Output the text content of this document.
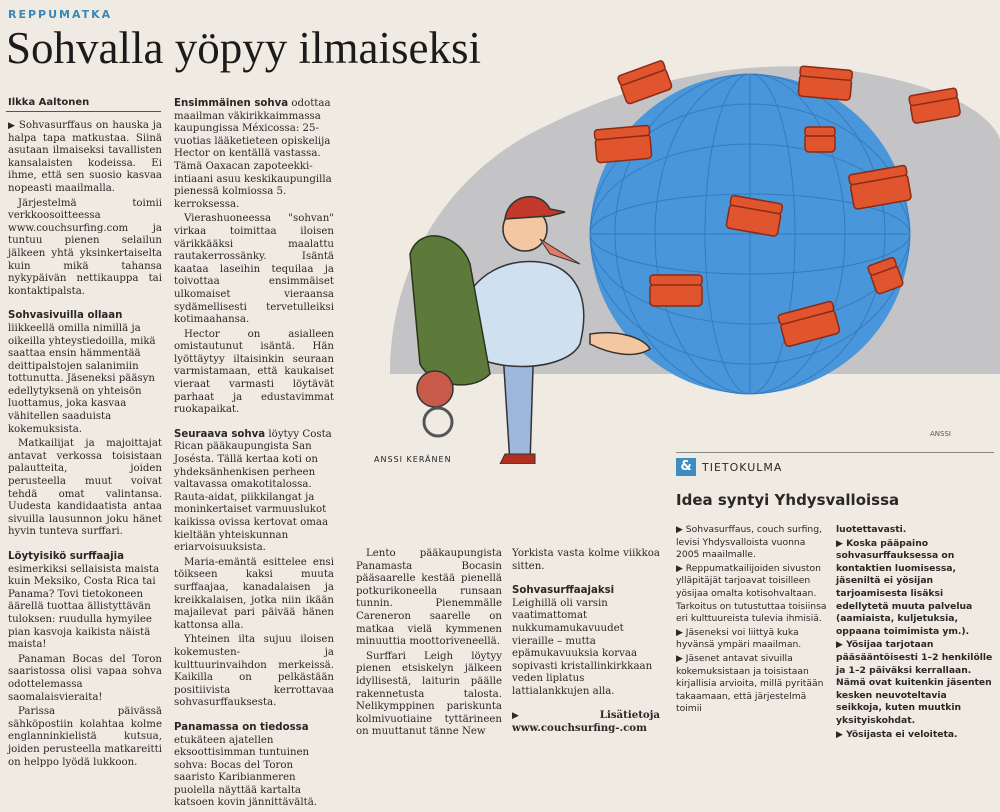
REPPUMATKA
Sohvalla yöpyy ilmaiseksi
Ilkka Aaltonen

▶ Sohvasurffaus on hauska ja halpa tapa matkustaa. Siinä asutaan ilmaiseksi tavallisten kansalaisten kodeissa. Ei ihme, että sen suosio kasvaa nopeasti maailmalla.

Järjestelmä toimii verkkoosoitteessa www.couchsurfing.com ja tuntuu pienen selailun jälkeen yhtä yksinkertaiselta kuin mikä tahansa nykypäivän nettikauppa tai kontaktipalsta.

Sohvasivuilla ollaan liikkeellä omilla nimillä ja oikeilla yhteystiedoilla, mikä saattaa ensin hämmentää deittipalstojen salanimiin tottunutta. Jäseneksi pääsyn edellytyksenä on yhteisön luottamus, joka kasvaa vähitellen saaduista kokemuksista.

Matkailijat ja majoittajat antavat verkossa toisistaan palautteita, joiden perusteella muut voivat tehdä omat valintansa. Uudesta kandidaatista antaa sivuilla lausunnon joku hänet hyvin tunteva surffari.

Löytyisikö surffaajia esimerkiksi sellaisista maista kuin Meksiko, Costa Rica tai Panama? Tovi tietokoneen äärellä tuottaa ällistyttävän tuloksen: ruudulla hymyilee pian kasvoja kaikista näistä maista!

Panaman Bocas del Toron saaristossa olisi vapaa sohva odottelemassa saomalaisvieraita!

Parissa päivässä sähköpostiin kolahtaa kolme englanninkielistä kutsua, joiden perusteella matkareitti on helppo lyödä lukkoon.

Ensimmäinen sohva odottaa maailman väkirikkaimmassa kaupungissa Méxicossa: 25-vuotias lääketieteen opiskelija Hector on kentällä vastassa. Tämä Oaxacan zapoteekki-intiaani asuu keskikaupungilla pienessä kolmiossa 5. kerroksessa.

Vierashuoneessa "sohvan" virkaa toimittaa iloisen värikkääksi maalattu rautakerrossänky. Isäntä kaataa laseihin tequilaa ja toivottaa ensimmäiset ulkomaiset vieraansa sydämellisesti tervetulleiksi kotimaahansa.

Hector on asialleen omistautunut isäntä. Hän lyöttäytyy iltaisinkin seuraan varmistamaan, että kaukaiset vieraat varmasti löytävät parhaat ja edustavimmat ruokapaikat.

Seuraava sohva löytyy Costa Rican pääkaupungista San Josésta. Tällä kertaa koti on yhdeksänhenkisen perheen valtavassa omakotitalossa. Rauta-aidat, piikkilangat ja moninkertaiset varmuuslukot kaikissa ovissa kertovat omaa kieltään yhteiskunnan eriarvoisuuksista.

Maria-emäntä esittelee ensi töikseen kaksi muuta surffaajaa, kanadalaisen ja kreikkalaisen, jotka niin ikään majailevat pari päivää hänen kattonsa alla.

Yhteinen ilta sujuu iloisen kokemusten- ja kulttuurinvaihdon merkeissä. Kaikilla on pelkästään positiivista kerrottavaa sohvasurffauksesta.

Panamassa on tiedossa etukäteen ajatellen eksoottisimman tuntuinen sohva: Bocas del Toron saaristo Karibianmeren puolella näyttää kartalta katsoen kovin jännittävältä.

ANSSI
ANSSI KERÄNEN

Lento pääkaupungista Panamasta Bocasin pääsaarelle kestää pienellä potkurikoneella runsaan tunnin. Pienemmälle Careneron saarelle on matkaa vielä kymmenen minuuttia moottoriveneellä.

Surffari Leigh löytyy pienen etsiskelyn jälkeen idyllisestä, laiturin päälle rakennetusta talosta. Nelikymppinen pariskunta kolmivuotiaine tyttärineen on muuttanut tänne New

Yorkista vasta kolme viikkoa sitten.

Sohvasurffaajaksi Leighillä oli varsin vaatimattomat nukkumamukavuudet vieraille – mutta epämukavuuksia korvaa sopivasti kristallinkirkkaan veden liplatus lattialankkujen alla.

▶ Lisätietoja www.couchsurfing-.com

& TIETOKULMA
Idea syntyi Yhdysvalloissa

▶ Sohvasurffaus, couch surfing, levisi Yhdysvalloista vuonna 2005 maailmalle.

▶ Reppumatkailijoiden sivuston ylläpitäjät tarjoavat toisilleen yösijaa omalta kotisohvaltaan. Tarkoitus on tutustuttaa toisiinsa eri kulttuureista tulevia ihmisiä.

▶ Jäseneksi voi liittyä kuka hyvänsä ympäri maailman.

▶ Jäsenet antavat sivuilla kokemuksistaan ja toisistaan kirjallisia arvioita, millä pyritään takaamaan, että järjestelmä toimii

luotettavasti.

▶ Koska pääpaino sohvasurffauksessa on kontaktien luomisessa, jäseniltä ei yösijan tarjoamisesta lisäksi edellytetä muuta palvelua (aamiaista, kuljetuksia, oppaana toimimista ym.).

▶ Yösijaa tarjotaan pääsääntöisesti 1–2 henkilölle ja 1–2 päiväksi kerrallaan. Nämä ovat kuitenkin jäsenten kesken neuvoteltavia seikkoja, kuten muutkin yksityiskohdat.

▶ Yösijasta ei veloiteta.
